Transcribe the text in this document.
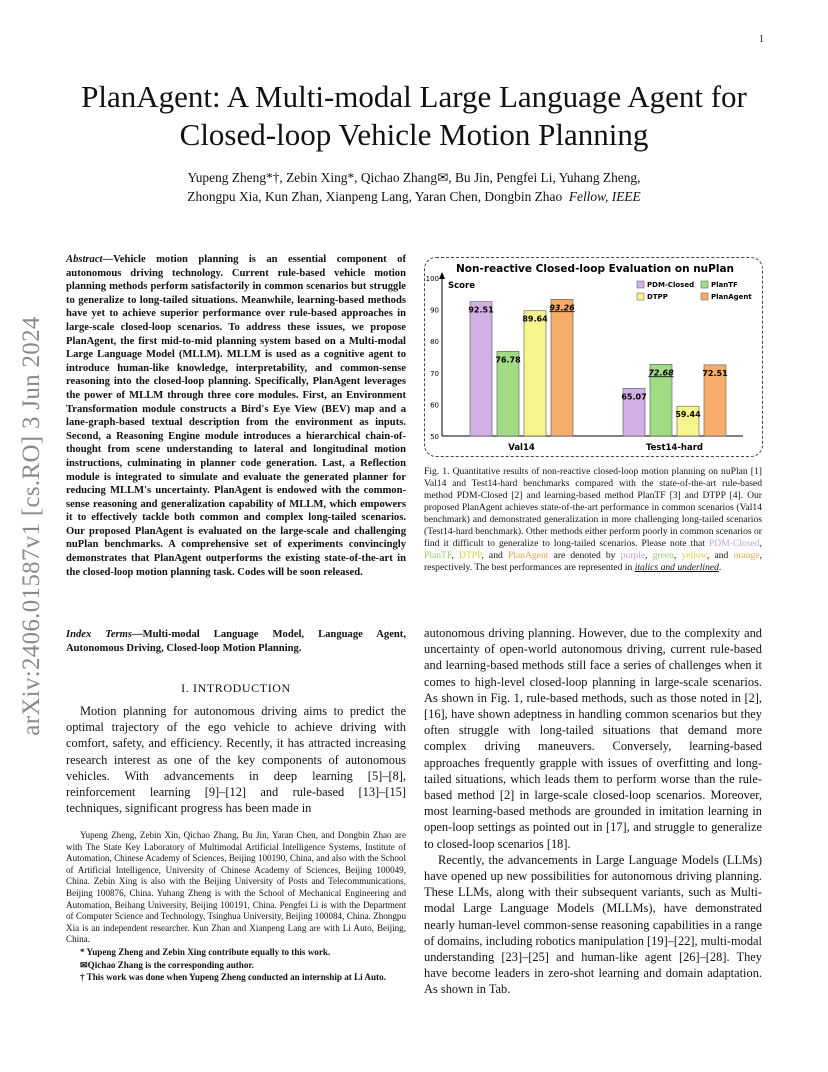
1
arXiv:2406.01587v1 [cs.RO] 3 Jun 2024
PlanAgent: A Multi-modal Large Language Agent for Closed-loop Vehicle Motion Planning
Yupeng Zheng*†, Zebin Xing*, Qichao Zhang✉, Bu Jin, Pengfei Li, Yuhang Zheng,
Zhongpu Xia, Kun Zhan, Xianpeng Lang, Yaran Chen, Dongbin Zhao Fellow, IEEE
Abstract—Vehicle motion planning is an essential component of autonomous driving technology. Current rule-based vehicle motion planning methods perform satisfactorily in common scenarios but struggle to generalize to long-tailed situations. Meanwhile, learning-based methods have yet to achieve superior performance over rule-based approaches in large-scale closed-loop scenarios. To address these issues, we propose PlanAgent, the first mid-to-mid planning system based on a Multi-modal Large Language Model (MLLM). MLLM is used as a cognitive agent to introduce human-like knowledge, interpretability, and common-sense reasoning into the closed-loop planning. Specifically, PlanAgent leverages the power of MLLM through three core modules. First, an Environment Transformation module constructs a Bird's Eye View (BEV) map and a lane-graph-based textual description from the environment as inputs. Second, a Reasoning Engine module introduces a hierarchical chain-of-thought from scene understanding to lateral and longitudinal motion instructions, culminating in planner code generation. Last, a Reflection module is integrated to simulate and evaluate the generated planner for reducing MLLM's uncertainty. PlanAgent is endowed with the common-sense reasoning and generalization capability of MLLM, which empowers it to effectively tackle both common and complex long-tailed scenarios. Our proposed PlanAgent is evaluated on the large-scale and challenging nuPlan benchmarks. A comprehensive set of experiments convincingly demonstrates that PlanAgent outperforms the existing state-of-the-art in the closed-loop motion planning task. Codes will be soon released.
Index Terms—Multi-modal Language Model, Language Agent, Autonomous Driving, Closed-loop Motion Planning.
I. INTRODUCTION

Motion planning for autonomous driving aims to predict the optimal trajectory of the ego vehicle to achieve driving with comfort, safety, and efficiency. Recently, it has attracted increasing research interest as one of the key components of autonomous vehicles. With advancements in deep learning [5]–[8], reinforcement learning [9]–[12] and rule-based [13]–[15] techniques, significant progress has been made in

Yupeng Zheng, Zebin Xin, Qichao Zhang, Bu Jin, Yaran Chen, and Dongbin Zhao are with The State Key Laboratory of Multimodal Artificial Intelligence Systems, Institute of Automation, Chinese Academy of Sciences, Beijing 100190, China, and also with the School of Artificial Intelligence, University of Chinese Academy of Sciences, Beijing 100049, China. Zebin Xing is also with the Beijing University of Posts and Telecommunications, Beijing 100876, China. Yuhang Zheng is with the School of Mechanical Engineering and Automation, Beihang University, Beijing 100191, China. Pengfei Li is with the Department of Computer Science and Technology, Tsinghua University, Beijing 100084, China. Zhongpu Xia is an independent researcher. Kun Zhan and Xianpeng Lang are with Li Auto, Beijing, China.

* Yupeng Zheng and Zebin Xing contribute equally to this work.

✉Qichao Zhang is the corresponding author.

† This work was done when Yupeng Zheng conducted an internship at Li Auto.

Non-reactive Closed-loop Evaluation on nuPlan
Score
50
60
70
80
90
100
92.51
76.78
89.64
93.26
65.07
72.68
59.44
72.51
Val14	Test14-hard
PDM-Closed PlanTF
DTPP	PlanAgent
Fig. 1. Quantitative results of non-reactive closed-loop motion planning on nuPlan [1] Val14 and Test14-hard benchmarks compared with the state-of-the-art rule-based method PDM-Closed [2] and learning-based method PlanTF [3] and DTPP [4]. Our proposed PlanAgent achieves state-of-the-art performance in common scenarios (Val14 benchmark) and demonstrated generalization in more challenging long-tailed scenarios (Test14-hard benchmark). Other methods either perform poorly in common scenarios or find it difficult to generalize to long-tailed scenarios. Please note that PDM-Closed, PlanTF, DTPP, and PlanAgent are denoted by purple, green, yellow, and orange, respectively. The best performances are represented in italics and underlined.

autonomous driving planning. However, due to the complexity and uncertainty of open-world autonomous driving, current rule-based and learning-based methods still face a series of challenges when it comes to high-level closed-loop planning in large-scale scenarios. As shown in Fig. 1, rule-based methods, such as those noted in [2], [16], have shown adeptness in handling common scenarios but they often struggle with long-tailed situations that demand more complex driving maneuvers. Conversely, learning-based approaches frequently grapple with issues of overfitting and long-tailed situations, which leads them to perform worse than the rule-based method [2] in large-scale closed-loop scenarios. Moreover, most learning-based methods are grounded in imitation learning in open-loop settings as pointed out in [17], and struggle to generalize to closed-loop scenarios [18].

Recently, the advancements in Large Language Models (LLMs) have opened up new possibilities for autonomous driving planning. These LLMs, along with their subsequent variants, such as Multi-modal Large Language Models (MLLMs), have demonstrated nearly human-level common-sense reasoning capabilities in a range of domains, including robotics manipulation [19]–[22], multi-modal understanding [23]–[25] and human-like agent [26]–[28]. They have become leaders in zero-shot learning and domain adaptation. As shown in Tab.
